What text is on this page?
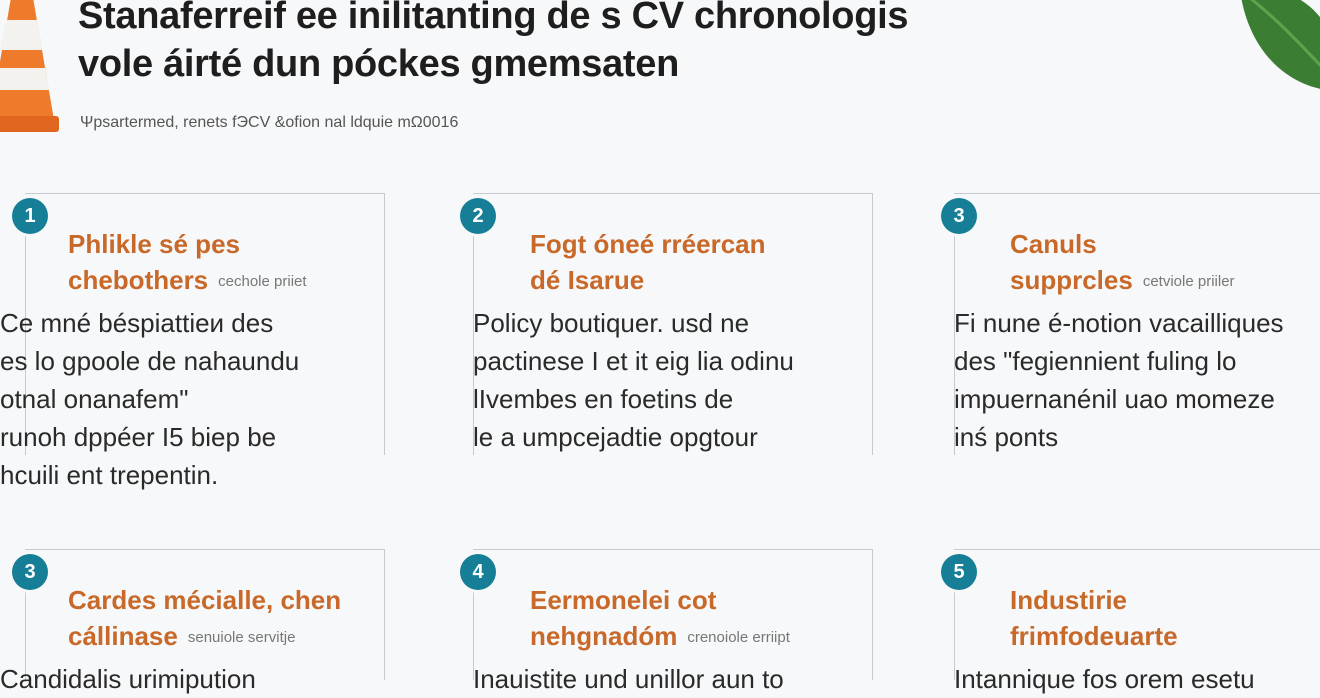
Stanaferreif ee inilitanting de s CV chronologis
vole áirté dun póckes gmemsaten

Ψpsartermed, renets fЭCV &ofion nal ldquie mΩ0016

1
Phlikle sé pes
chebothers cechole priiet
Ce mné béspiattieи des
es lo gpoole de nahaundu
otnal onanafem"
runoh dppéer I5 biep be
hcuili ent trepentin.
2
Fogt óneé rréercan
dé Isarue
Policy boutiquer. usd ne
pactinese I et it eig lia odinu
lIvembes en foetins de
le a umpcejadtie opgtour
3
Canuls
supprcles cetviole priiler
Fi nune é-notion vacailliques
des "fegiennient fuling lo
impuernanénil uao momeze
inś ponts
3
Cardes mécialle, chen
cállinase senuiole servitje
Candidalis urimipution
4
Eermonelei cot
nehgnadóm crenoiole erriipt
Inauistite und unillor aun to
5
Industirie
frimfodeuarte
Intannique fos orem esetu
